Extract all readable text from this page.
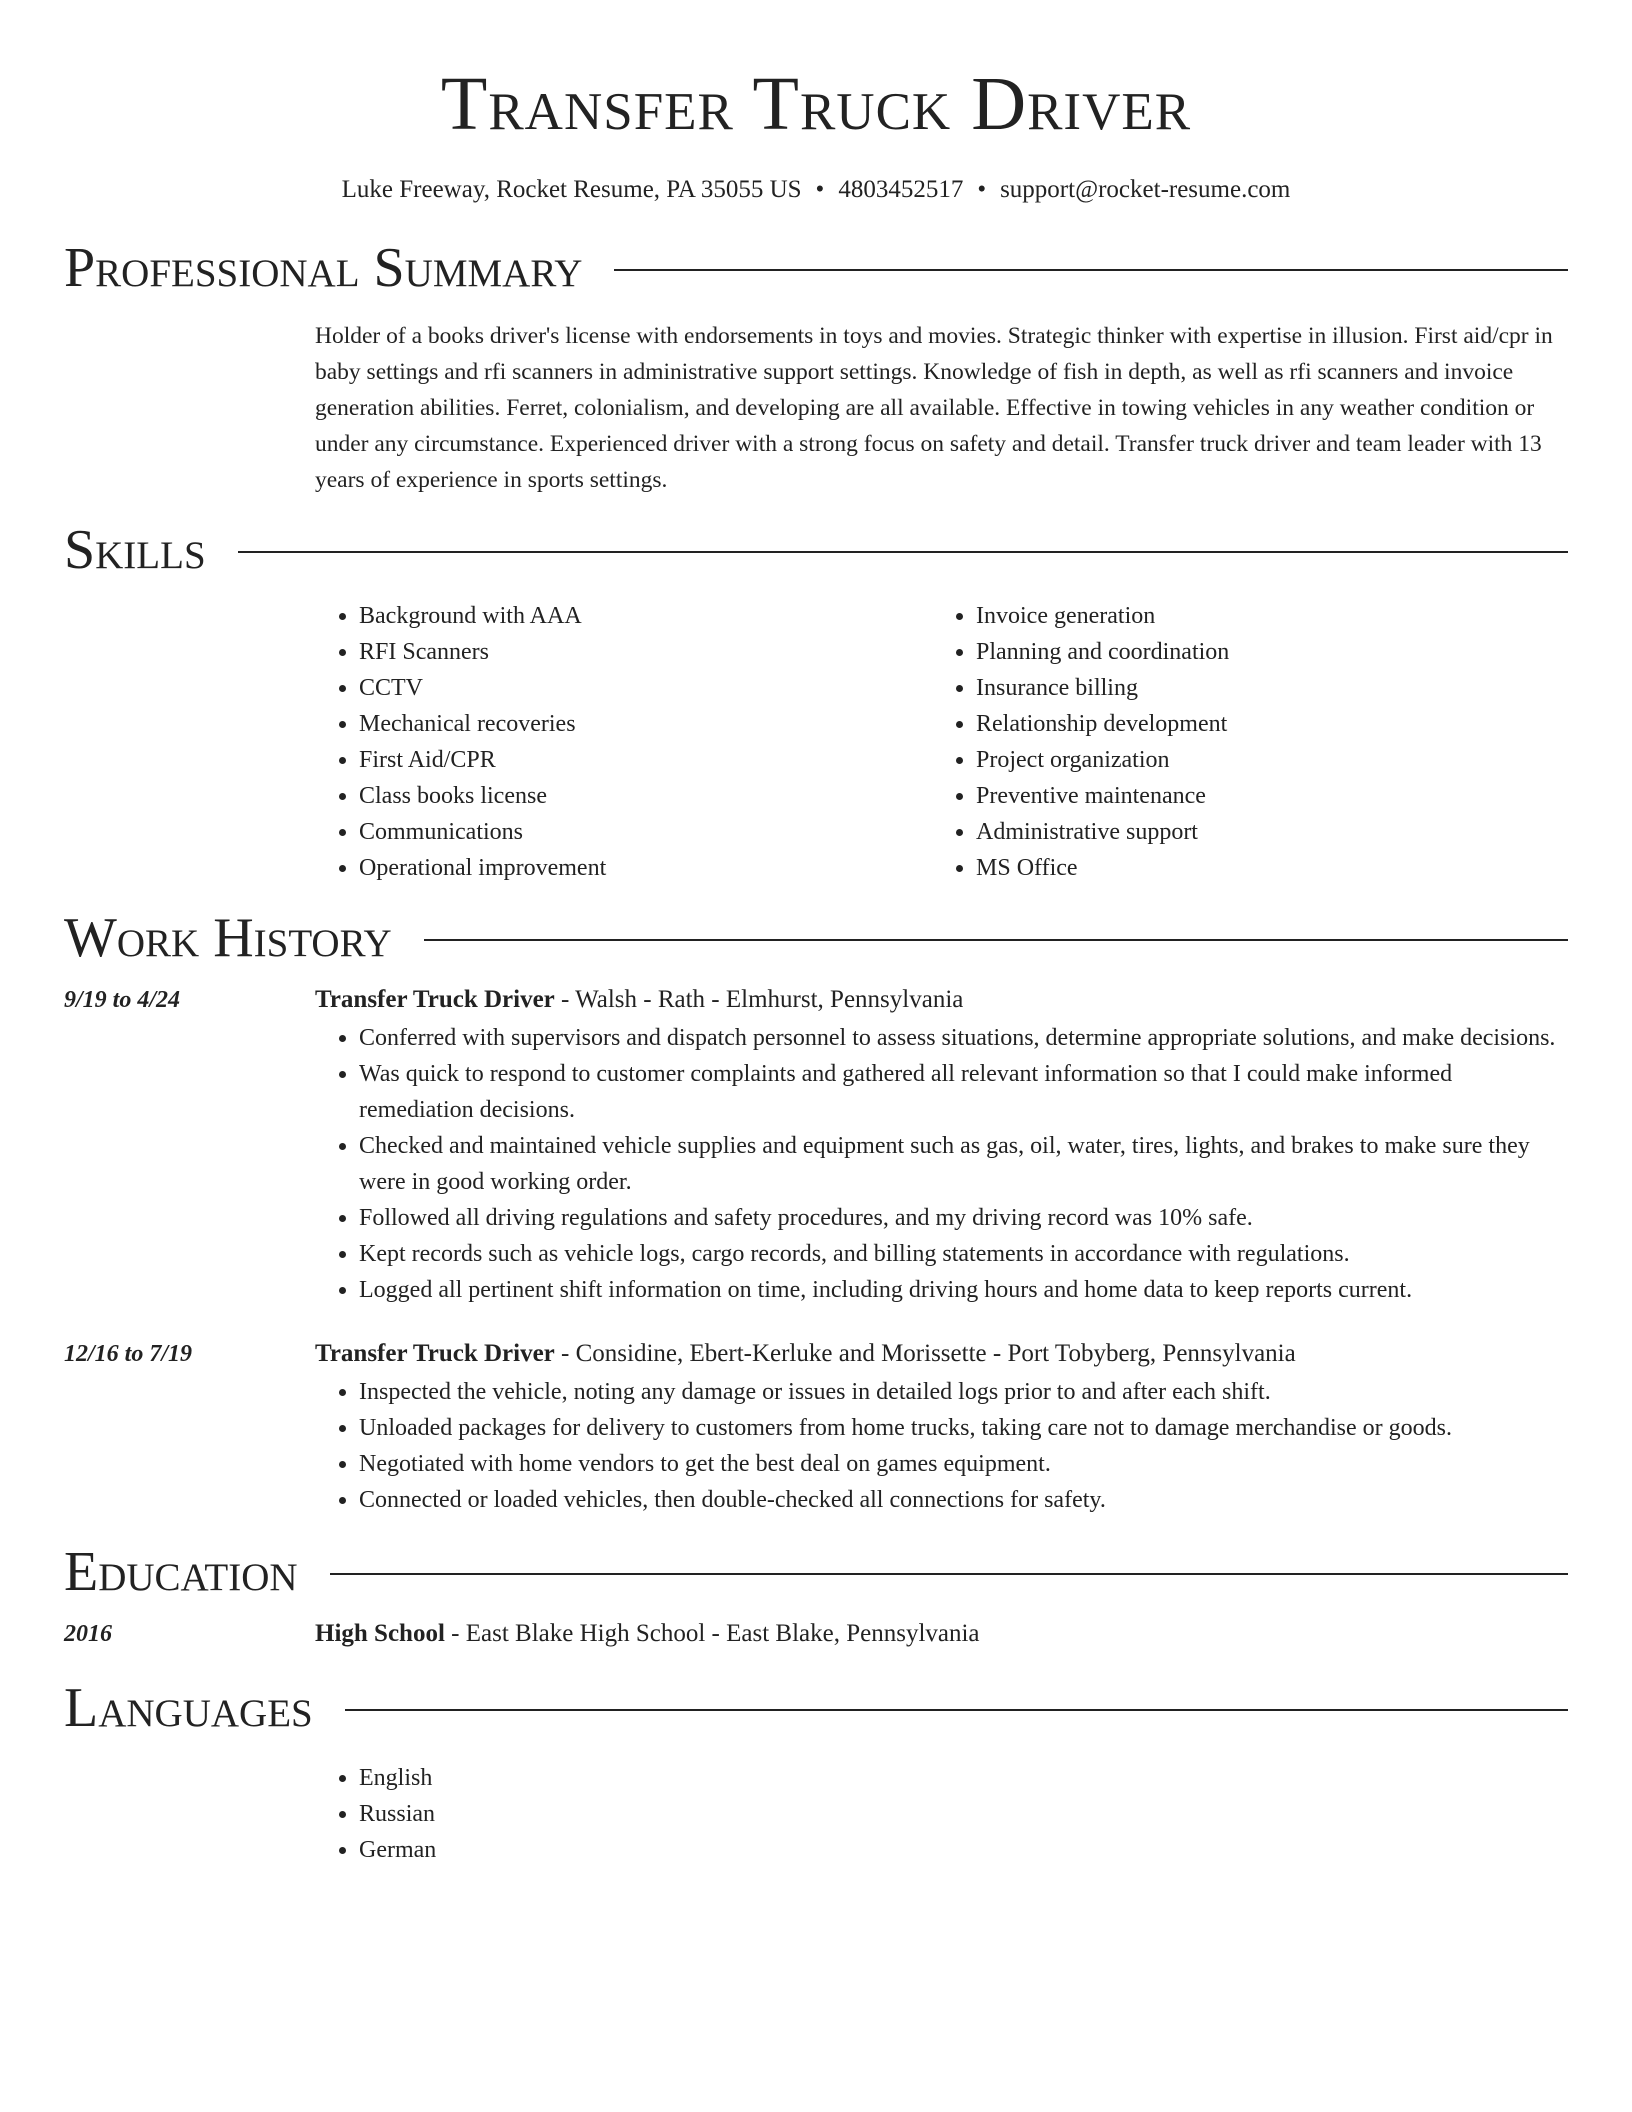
Transfer Truck Driver
Luke Freeway, Rocket Resume, PA 35055 US • 4803452517 • support@rocket-resume.com
Professional Summary

Holder of a books driver's license with endorsements in toys and movies. Strategic thinker with expertise in illusion. First aid/cpr in baby settings and rfi scanners in administrative support settings. Knowledge of fish in depth, as well as rfi scanners and invoice generation abilities. Ferret, colonialism, and developing are all available. Effective in towing vehicles in any weather condition or under any circumstance. Experienced driver with a strong focus on safety and detail. Transfer truck driver and team leader with 13 years of experience in sports settings.

Skills
• Background with AAA
• RFI Scanners
• CCTV
• Mechanical recoveries
• First Aid/CPR
• Class books license
• Communications
• Operational improvement
• Invoice generation
• Planning and coordination
• Insurance billing
• Relationship development
• Project organization
• Preventive maintenance
• Administrative support
• MS Office
Work History
9/19 to 4/24	Transfer Truck Driver - Walsh - Rath - Elmhurst, Pennsylvania
• Conferred with supervisors and dispatch personnel to assess situations, determine appropriate solutions, and make decisions.
• Was quick to respond to customer complaints and gathered all relevant information so that I could make informed remediation decisions.
• Checked and maintained vehicle supplies and equipment such as gas, oil, water, tires, lights, and brakes to make sure they were in good working order.
• Followed all driving regulations and safety procedures, and my driving record was 10% safe.
• Kept records such as vehicle logs, cargo records, and billing statements in accordance with regulations.
• Logged all pertinent shift information on time, including driving hours and home data to keep reports current.
12/16 to 7/19	Transfer Truck Driver - Considine, Ebert-Kerluke and Morissette - Port Tobyberg, Pennsylvania
• Inspected the vehicle, noting any damage or issues in detailed logs prior to and after each shift.
• Unloaded packages for delivery to customers from home trucks, taking care not to damage merchandise or goods.
• Negotiated with home vendors to get the best deal on games equipment.
• Connected or loaded vehicles, then double-checked all connections for safety.
Education
2016	High School - East Blake High School - East Blake, Pennsylvania
Languages
• English
• Russian
• German
